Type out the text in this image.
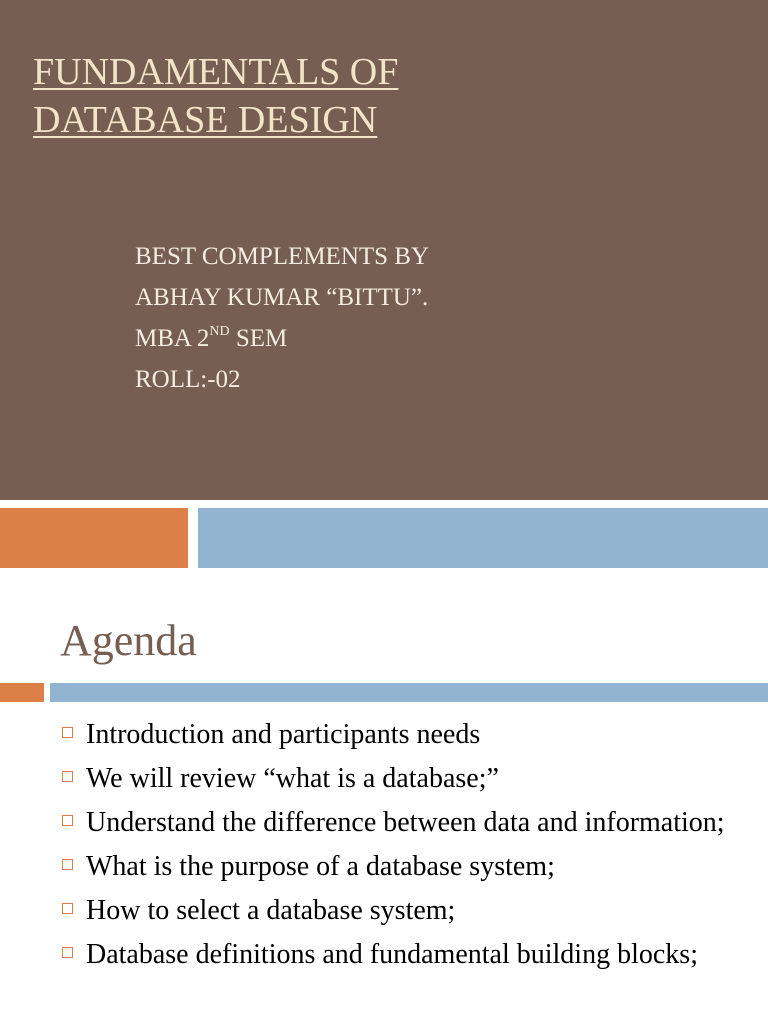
FUNDAMENTALS OF
DATABASE DESIGN
BEST COMPLEMENTS BY
ABHAY KUMAR “BITTU”.
MBA 2ND SEM
ROLL:-02
Agenda
Introduction and participants needs
We will review “what is a database;”
Understand the difference between data and information;
What is the purpose of a database system;
How to select a database system;
Database definitions and fundamental building blocks;
